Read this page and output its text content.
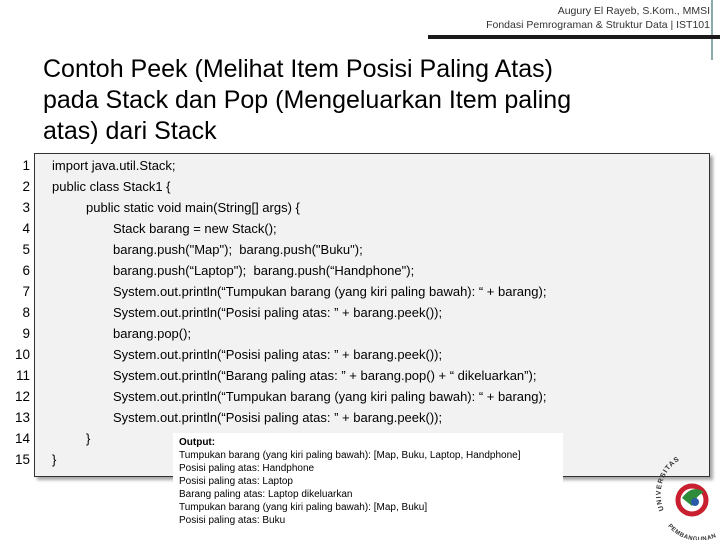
Augury El Rayeb, S.Kom., MMSI
Fondasi Pemrograman & Struktur Data | IST101
Contoh Peek (Melihat Item Posisi Paling Atas)
pada Stack dan Pop (Mengeluarkan Item paling
atas) dari Stack
1
2
3
4
5
6
7
8
9
10
11
12
13
14
15
import java.util.Stack;
public class Stack1 {
public static void main(String[] args) {
Stack barang = new Stack();
barang.push("Map");  barang.push("Buku");
barang.push(“Laptop");  barang.push(“Handphone");
System.out.println(“Tumpukan barang (yang kiri paling bawah): “ + barang);
System.out.println(“Posisi paling atas: ” + barang.peek());
barang.pop();
System.out.println(“Posisi paling atas: ” + barang.peek());
System.out.println(“Barang paling atas: ” + barang.pop() + “ dikeluarkan”);
System.out.println(“Tumpukan barang (yang kiri paling bawah): “ + barang);
System.out.println(“Posisi paling atas: ” + barang.peek());
}
}
Output:
Tumpukan barang (yang kiri paling bawah): [Map, Buku, Laptop, Handphone]
Posisi paling atas: Handphone
Posisi paling atas: Laptop
Barang paling atas: Laptop dikeluarkan
Tumpukan barang (yang kiri paling bawah): [Map, Buku]
Posisi paling atas: Buku
UNIVERSITAS
PEMBANGUNAN
